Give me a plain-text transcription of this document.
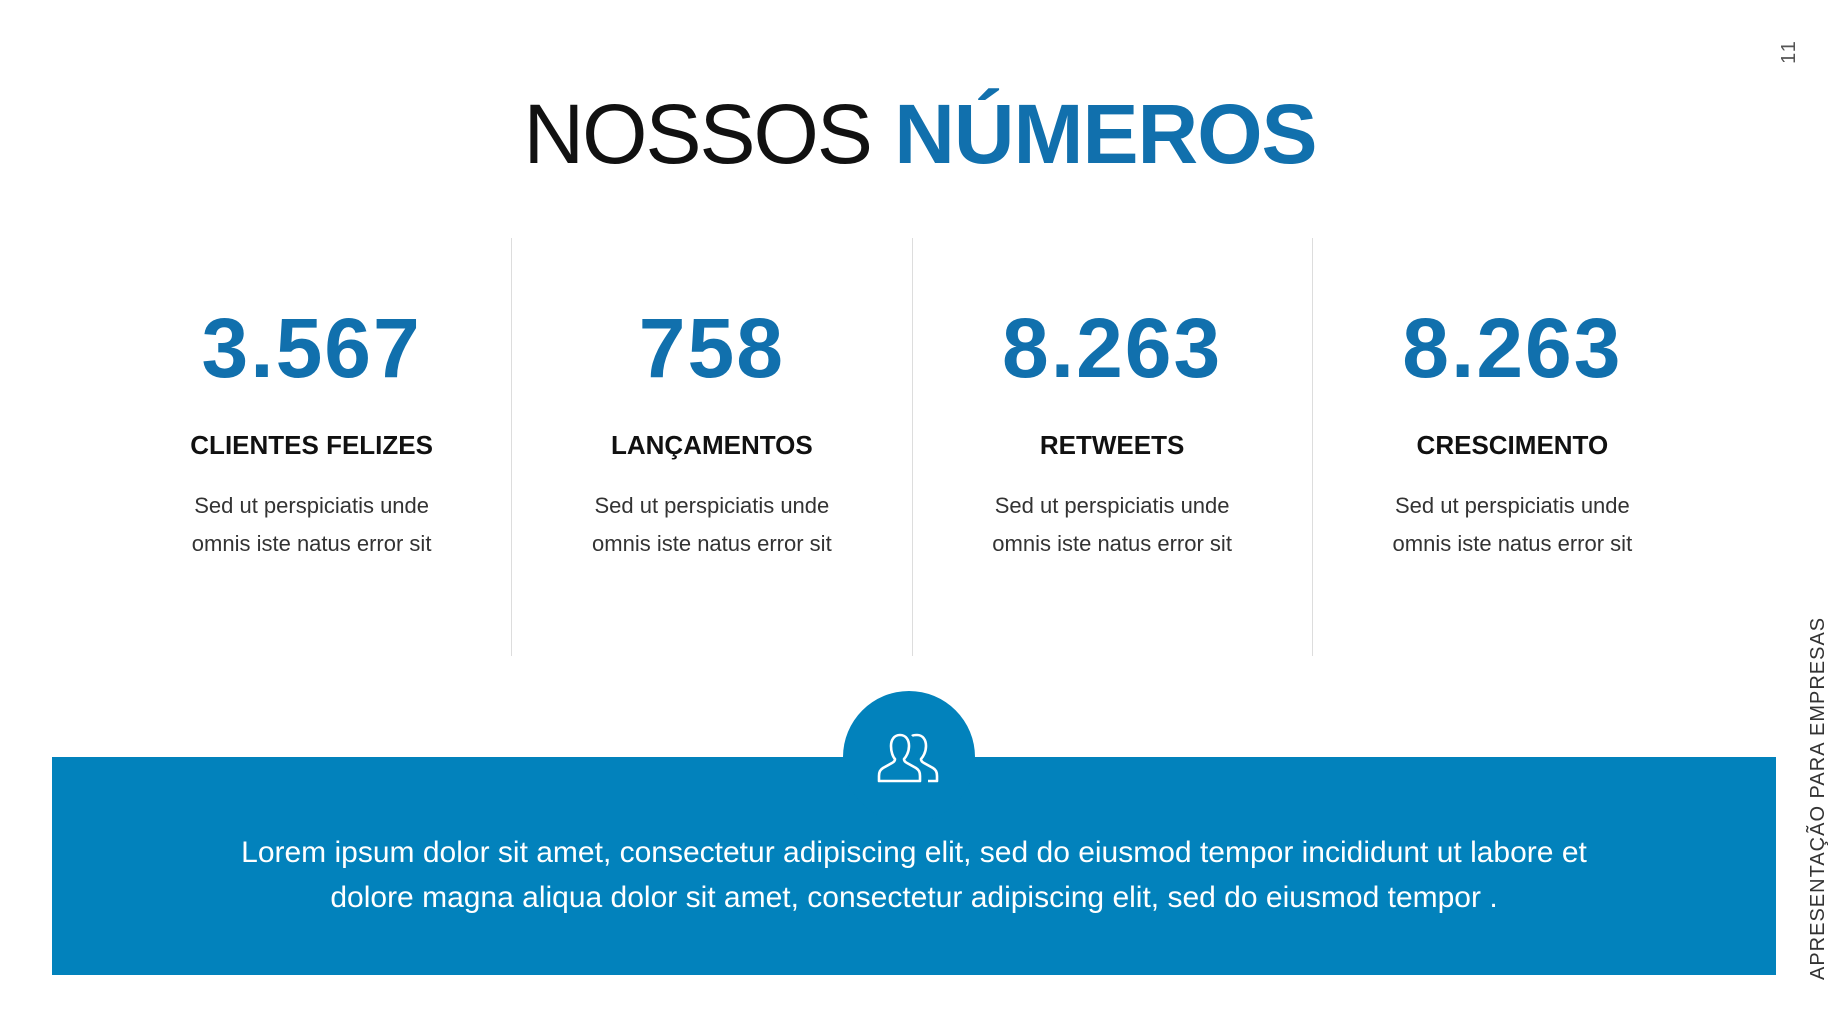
11
APRESENTAÇÃO PARA EMPRESAS
NOSSOS NÚMEROS
3.567
CLIENTES FELIZES
Sed ut perspiciatis unde
omnis iste natus error sit
758
LANÇAMENTOS
Sed ut perspiciatis unde
omnis iste natus error sit
8.263
RETWEETS
Sed ut perspiciatis unde
omnis iste natus error sit
8.263
CRESCIMENTO
Sed ut perspiciatis unde
omnis iste natus error sit
Lorem ipsum dolor sit amet, consectetur adipiscing elit, sed do eiusmod tempor incididunt ut labore et
dolore magna aliqua dolor sit amet, consectetur adipiscing elit, sed do eiusmod tempor .
